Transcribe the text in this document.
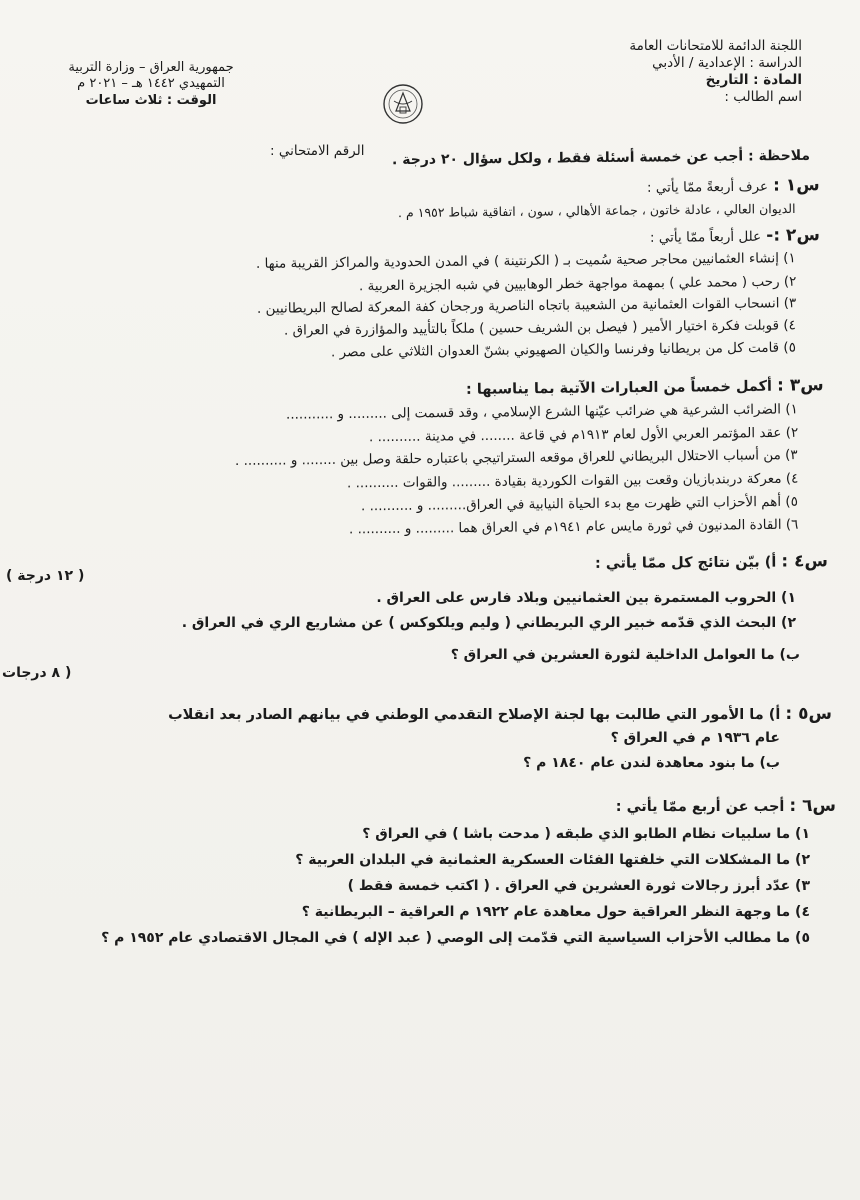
اللجنة الدائمة للامتحانات العامة
الدراسة : الإعدادية / الأدبي
المادة : التاريخ
اسم الطالب :
جمهورية العراق – وزارة التربية
التمهيدي ١٤٤٢ هـ – ٢٠٢١ م
الوقت : ثلاث ساعات
الرقم الامتحاني :
ملاحظة : أجب عن خمسة أسئلة فقط ، ولكل سؤال ٢٠ درجة .
س١ : عرف أربعةً ممّا يأتي :
الديوان العالي ، عادلة خاتون ، جماعة الأهالي ، سون ، اتفاقية شباط ١٩٥٢ م .
س٢ :- علل أربعاً ممّا يأتي :
١) إنشاء العثمانيين محاجر صحية سُميت بـ ( الكرنتينة ) في المدن الحدودية والمراكز القريبة منها .
٢) رحب ( محمد علي ) بمهمة مواجهة خطر الوهابيين في شبه الجزيرة العربية .
٣) انسحاب القوات العثمانية من الشعيبة باتجاه الناصرية ورجحان كفة المعركة لصالح البريطانيين .
٤) قوبلت فكرة اختيار الأمير ( فيصل بن الشريف حسين ) ملكاً بالتأييد والمؤازرة في العراق .
٥) قامت كل من بريطانيا وفرنسا والكيان الصهيوني بشنّ العدوان الثلاثي على مصر .
س٣ : أكمل خمساً من العبارات الآتية بما يناسبها :
١) الضرائب الشرعية هي ضرائب عيّنها الشرع الإسلامي ، وقد قسمت إلى ......... و ...........
٢) عقد المؤتمر العربي الأول لعام ١٩١٣م في قاعة ........ في مدينة .......... .
٣) من أسباب الاحتلال البريطاني للعراق موقعه الستراتيجي باعتباره حلقة وصل بين ........ و .......... .
٤) معركة دربندبازيان وقعت بين القوات الكوردية بقيادة ......... والقوات .......... .
٥) أهم الأحزاب التي ظهرت مع بدء الحياة النيابية في العراق......... و .......... .
٦) القادة المدنيون في ثورة مايس عام ١٩٤١م في العراق هما ......... و .......... .
س٤ : أ) بيّن نتائج كل ممّا يأتي :
( ١٢ درجة )
١) الحروب المستمرة بين العثمانيين وبلاد فارس على العراق .
٢) البحث الذي قدّمه خبير الري البريطاني ( وليم ويلكوكس ) عن مشاريع الري في العراق .
ب) ما العوامل الداخلية لثورة العشرين في العراق ؟
( ٨ درجات
س٥ : أ) ما الأمور التي طالبت بها لجنة الإصلاح التقدمي الوطني في بيانهم الصادر بعد انقلاب
عام ١٩٣٦ م في العراق ؟
ب) ما بنود معاهدة لندن عام ١٨٤٠ م ؟
س٦ : أجب عن أربع ممّا يأتي :
١) ما سلبيات نظام الطابو الذي طبقه ( مدحت باشا ) في العراق ؟
٢) ما المشكلات التي خلفتها الفئات العسكرية العثمانية في البلدان العربية ؟
٣) عدّد أبرز رجالات ثورة العشرين في العراق . ( اكتب خمسة فقط )
٤) ما وجهة النظر العراقية حول معاهدة عام ١٩٢٢ م العراقية – البريطانية ؟
٥) ما مطالب الأحزاب السياسية التي قدّمت إلى الوصي ( عبد الإله ) في المجال الاقتصادي عام ١٩٥٢ م ؟
